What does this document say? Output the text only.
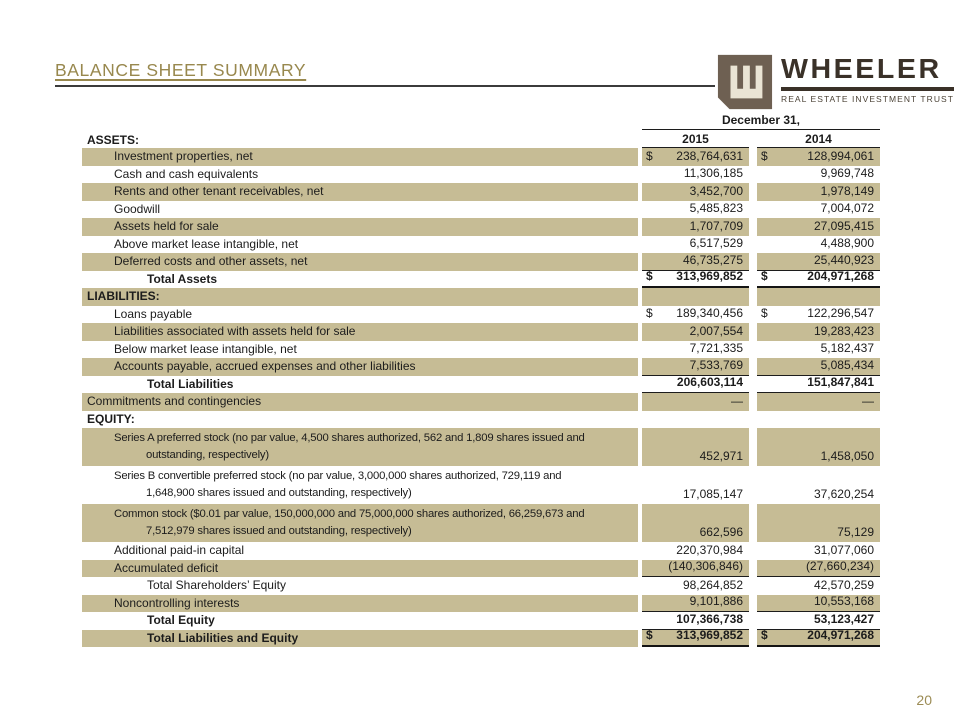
BALANCE SHEET SUMMARY	WHEELER
REAL ESTATE INVESTMENT TRUST
December 31,
ASSETS:	2015	2014
Investment properties, net	$	238,764,631	$	128,994,061
Cash and cash equivalents	11,306,185	9,969,748
Rents and other tenant receivables, net	3,452,700	1,978,149
Goodwill	5,485,823	7,004,072
Assets held for sale	1,707,709	27,095,415
Above market lease intangible, net	6,517,529	4,488,900
Deferred costs and other assets, net	46,735,275	25,440,923
Total Assets	$	313,969,852	$	204,971,268
LIABILITIES:
Loans payable	$	189,340,456	$	122,296,547
Liabilities associated with assets held for sale	2,007,554	19,283,423
Below market lease intangible, net	7,721,335	5,182,437
Accounts payable, accrued expenses and other liabilities	7,533,769	5,085,434
Total Liabilities	206,603,114	151,847,841
Commitments and contingencies	—	—
EQUITY:
Series A preferred stock (no par value, 4,500 shares authorized, 562 and 1,809 shares issued and
outstanding, respectively)	452,971	1,458,050
Series B convertible preferred stock (no par value, 3,000,000 shares authorized, 729,119 and
1,648,900 shares issued and outstanding, respectively)	17,085,147	37,620,254
Common stock ($0.01 par value, 150,000,000 and 75,000,000 shares authorized, 66,259,673 and
7,512,979 shares issued and outstanding, respectively)	662,596	75,129
Additional paid-in capital	220,370,984	31,077,060
Accumulated deficit	(140,306,846)	(27,660,234)
Total Shareholders’ Equity	98,264,852	42,570,259
Noncontrolling interests	9,101,886	10,553,168
Total Equity	107,366,738	53,123,427
Total Liabilities and Equity	$	313,969,852	$	204,971,268
20
